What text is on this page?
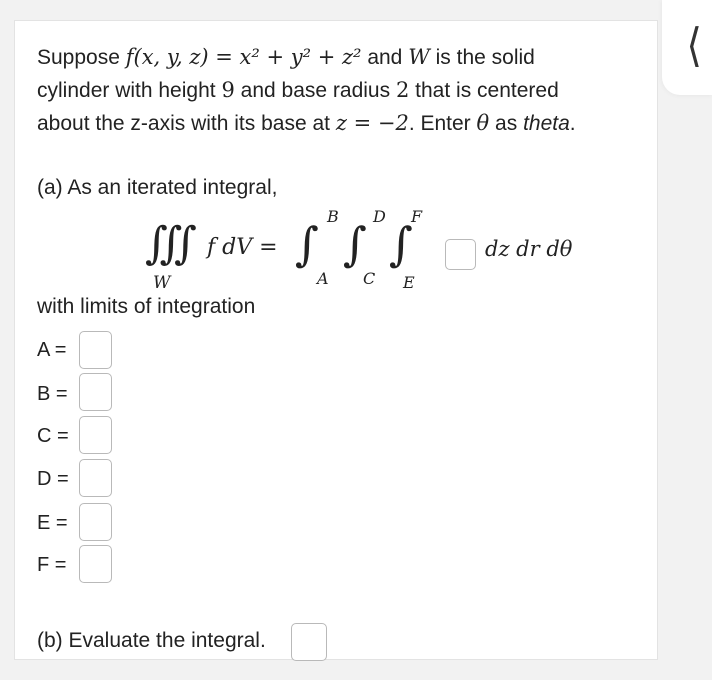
Suppose f(x, y, z) = x² + y² + z² and W is the solid
cylinder with height 9 and base radius 2 that is centered
about the z-axis with its base at z = −2. Enter θ as theta.
(a) As an iterated integral,
∭
W
f dV = ∫
B
A
∫
D
C
∫
F
E
dz dr dθ
with limits of integration
A =
B =
C =
D =
E =
F =
(b) Evaluate the integral.
⟨
